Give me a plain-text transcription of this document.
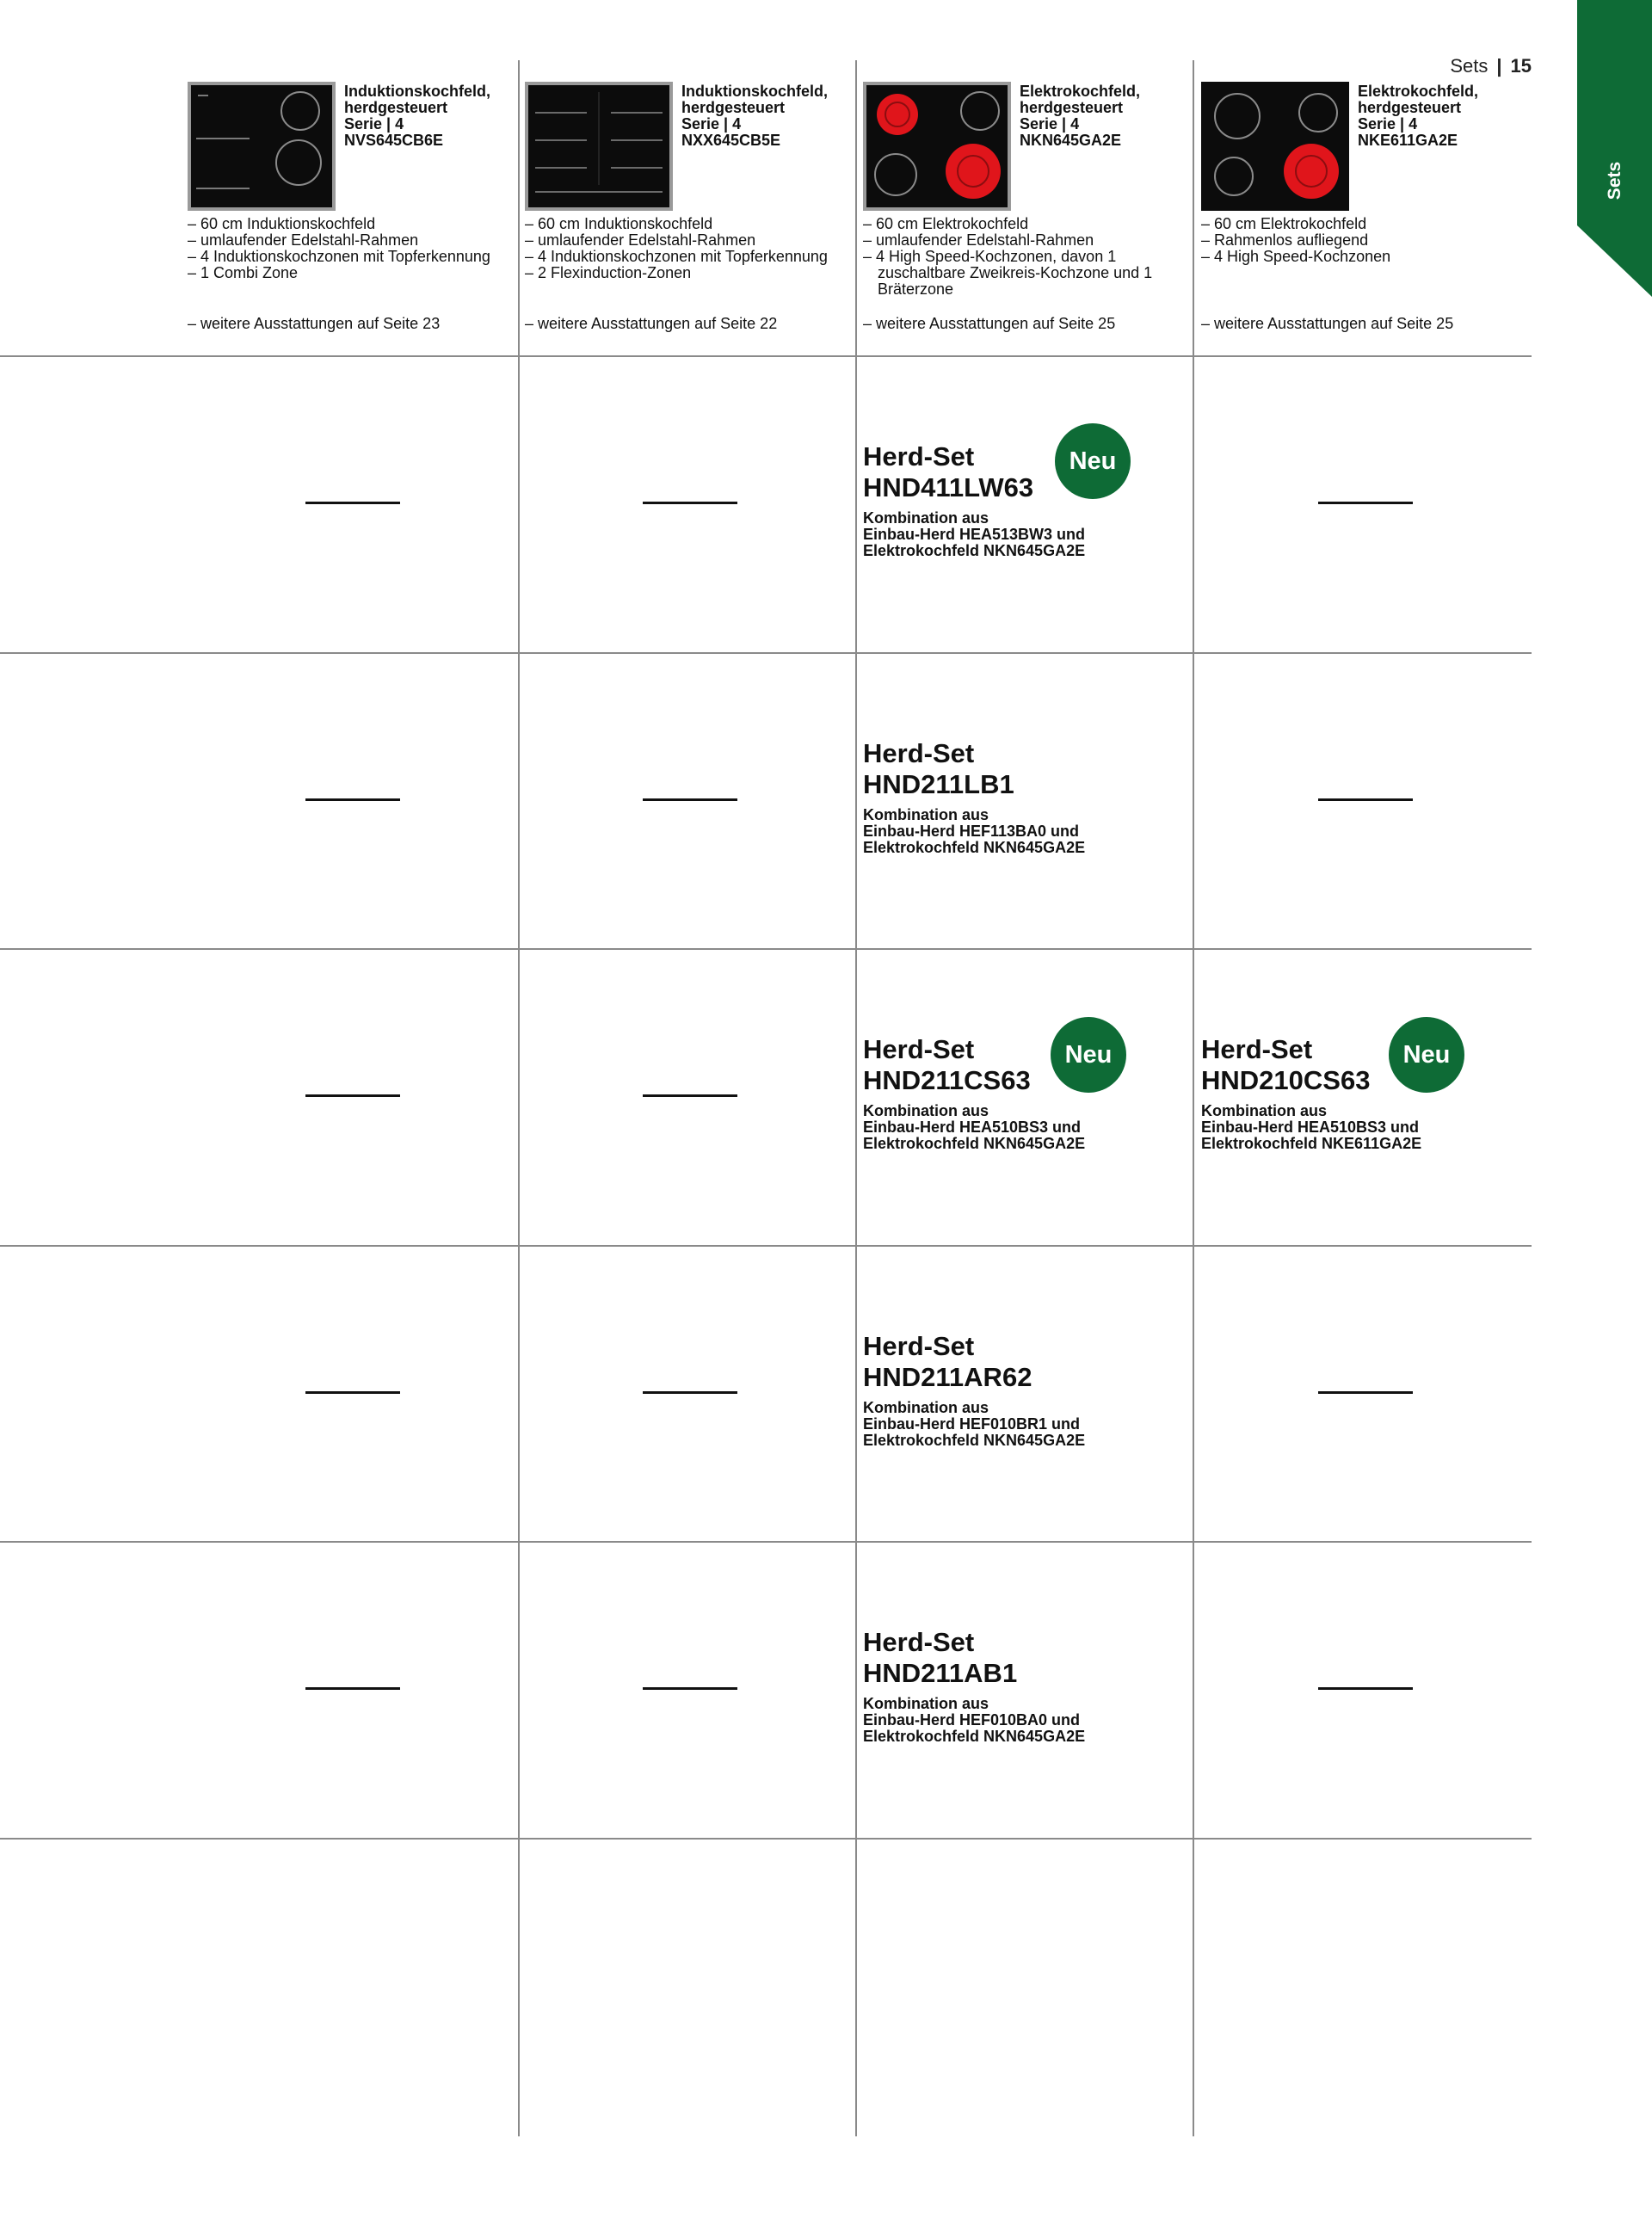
Sets | 15
Sets
Induktionskochfeld,
herdgesteuert
Serie | 4
NVS645CB6E
– 60 cm Induktionskochfeld
– umlaufender Edelstahl-Rahmen
– 4 Induktionskochzonen mit Topferkennung
– 1 Combi Zone
– weitere Ausstattungen auf Seite 23
Induktionskochfeld,
herdgesteuert
Serie | 4
NXX645CB5E
– 60 cm Induktionskochfeld
– umlaufender Edelstahl-Rahmen
– 4 Induktionskochzonen mit Topferkennung
– 2 Flexinduction-Zonen
– weitere Ausstattungen auf Seite 22
Elektrokochfeld,
herdgesteuert
Serie | 4
NKN645GA2E
– 60 cm Elektrokochfeld
– umlaufender Edelstahl-Rahmen
– 4 High Speed-Kochzonen, davon 1 zuschaltbare Zweikreis-Kochzone und 1 Bräterzone
– weitere Ausstattungen auf Seite 25
Elektrokochfeld,
herdgesteuert
Serie | 4
NKE611GA2E
– 60 cm Elektrokochfeld
– Rahmenlos aufliegend
– 4 High Speed-Kochzonen
– weitere Ausstattungen auf Seite 25
Herd-Set
HND411LW63
Kombination aus
Einbau-Herd HEA513BW3 und
Elektrokochfeld NKN645GA2E
Neu
Herd-Set
HND211LB1
Kombination aus
Einbau-Herd HEF113BA0 und
Elektrokochfeld NKN645GA2E
Herd-Set
HND211CS63
Kombination aus
Einbau-Herd HEA510BS3 und
Elektrokochfeld NKN645GA2E
Neu	Herd-Set
HND210CS63
Kombination aus
Einbau-Herd HEA510BS3 und
Elektrokochfeld NKE611GA2E
Neu
Herd-Set
HND211AR62
Kombination aus
Einbau-Herd HEF010BR1 und
Elektrokochfeld NKN645GA2E
Herd-Set
HND211AB1
Kombination aus
Einbau-Herd HEF010BA0 und
Elektrokochfeld NKN645GA2E
